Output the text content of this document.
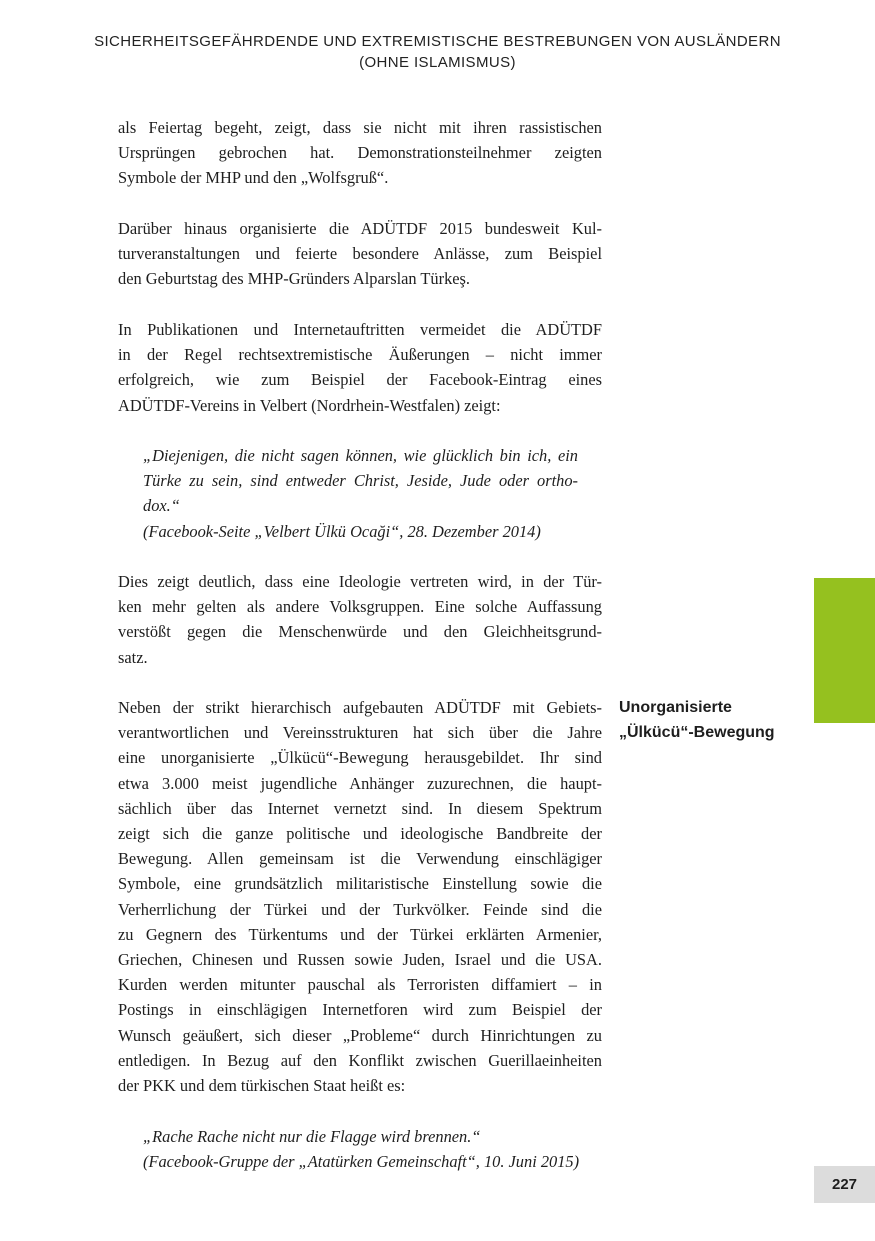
SICHERHEITSGEFÄHRDENDE UND EXTREMISTISCHE BESTREBUNGEN VON AUSLÄNDERN
(OHNE ISLAMISMUS)
als Feiertag begeht, zeigt, dass sie nicht mit ihren rassistischen
Ursprüngen gebrochen hat. Demonstrationsteilnehmer zeigten
Symbole der MHP und den „Wolfsgruß“.
Darüber hinaus organisierte die ADÜTDF 2015 bundesweit Kul-
turveranstaltungen und feierte besondere Anlässe, zum Beispiel
den Geburtstag des MHP-Gründers Alparslan Türkeş.
In Publikationen und Internetauftritten vermeidet die ADÜTDF
in der Regel rechtsextremistische Äußerungen – nicht immer
erfolgreich, wie zum Beispiel der Facebook-Eintrag eines
ADÜTDF-Vereins in Velbert (Nordrhein-Westfalen) zeigt:
„Diejenigen, die nicht sagen können, wie glücklich bin ich, ein
Türke zu sein, sind entweder Christ, Jeside, Jude oder ortho-
dox.“
(Facebook-Seite „Velbert Ülkü Ocaği“, 28. Dezember 2014)
Dies zeigt deutlich, dass eine Ideologie vertreten wird, in der Tür-
ken mehr gelten als andere Volksgruppen. Eine solche Auffassung
verstößt gegen die Menschenwürde und den Gleichheitsgrund-
satz.
Neben der strikt hierarchisch aufgebauten ADÜTDF mit Gebiets-
verantwortlichen und Vereinsstrukturen hat sich über die Jahre
eine unorganisierte „Ülkücü“-Bewegung herausgebildet. Ihr sind
etwa 3.000 meist jugendliche Anhänger zuzurechnen, die haupt-
sächlich über das Internet vernetzt sind. In diesem Spektrum
zeigt sich die ganze politische und ideologische Bandbreite der
Bewegung. Allen gemeinsam ist die Verwendung einschlägiger
Symbole, eine grundsätzlich militaristische Einstellung sowie die
Verherrlichung der Türkei und der Turkvölker. Feinde sind die
zu Gegnern des Türkentums und der Türkei erklärten Armenier,
Griechen, Chinesen und Russen sowie Juden, Israel und die USA.
Kurden werden mitunter pauschal als Terroristen diffamiert – in
Postings in einschlägigen Internetforen wird zum Beispiel der
Wunsch geäußert, sich dieser „Probleme“ durch Hinrichtungen zu
entledigen. In Bezug auf den Konflikt zwischen Guerillaeinheiten
der PKK und dem türkischen Staat heißt es:
„Rache Rache nicht nur die Flagge wird brennen.“
(Facebook-Gruppe der „Atatürken Gemeinschaft“, 10. Juni 2015)
Unorganisierte
„Ülkücü“-Bewegung
227
